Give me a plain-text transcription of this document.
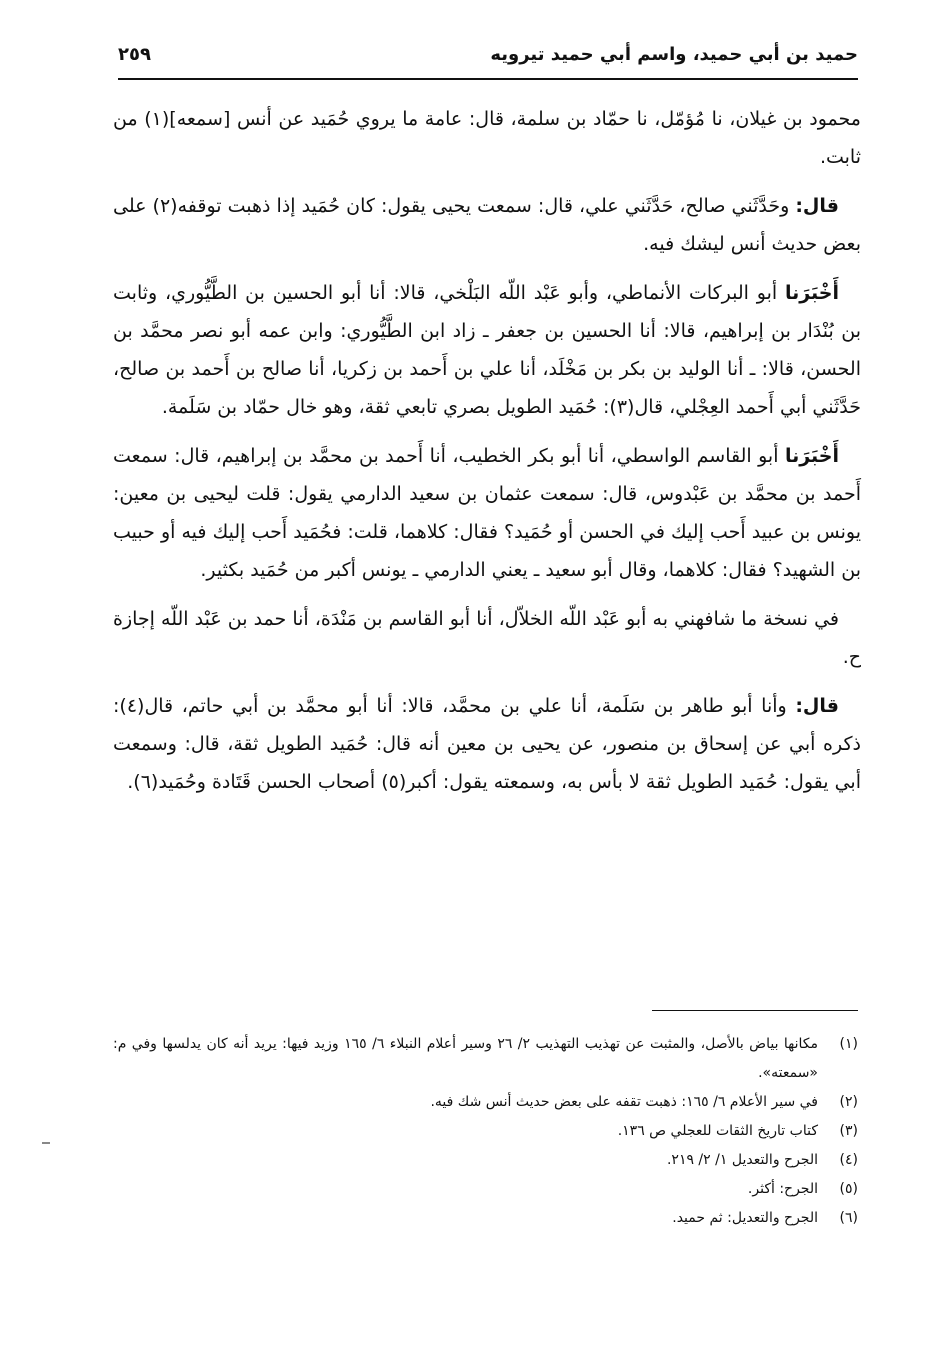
حميد بن أبي حميد، واسم أبي حميد تيرويه
٢٥٩

محمود بن غيلان، نا مُؤمّل، نا حمّاد بن سلمة، قال: عامة ما يروي حُمَيد عن أنس [سمعه](١) من ثابت.

قال: وحَدَّثَني صالح، حَدَّثَني علي، قال: سمعت يحيى يقول: كان حُمَيد إذا ذهبت توقفه(٢) على بعض حديث أنس ليشك فيه.

أَخْبَرَنا أبو البركات الأنماطي، وأبو عَبْد اللّه البَلْخي، قالا: أنا أبو الحسين بن الطَّيُّوري، وثابت بن بُنْدَار بن إبراهيم، قالا: أنا الحسين بن جعفر ـ زاد ابن الطَّيُّوري: وابن عمه أبو نصر محمَّد بن الحسن، قالا: ـ أنا الوليد بن بكر بن مَخْلَد، أنا علي بن أَحمد بن زكريا، أنا صالح بن أَحمد بن صالح، حَدَّثَني أبي أَحمد العِجْلي، قال(٣): حُمَيد الطويل بصري تابعي ثقة، وهو خال حمّاد بن سَلَمة.

أَخْبَرَنا أبو القاسم الواسطي، أنا أبو بكر الخطيب، أنا أَحمد بن محمَّد بن إبراهيم، قال: سمعت أَحمد بن محمَّد بن عَبْدوس، قال: سمعت عثمان بن سعيد الدارمي يقول: قلت ليحيى بن معين: يونس بن عبيد أَحب إليك في الحسن أو حُمَيد؟ فقال: كلاهما، قلت: فحُمَيد أَحب إليك فيه أو حبيب بن الشهيد؟ فقال: كلاهما، وقال أبو سعيد ـ يعني الدارمي ـ يونس أكبر من حُمَيد بكثير.

في نسخة ما شافهني به أبو عَبْد اللّه الخلاّل، أنا أبو القاسم بن مَنْدَة، أنا حمد بن عَبْد اللّه إجازة ح.

قال: وأنا أبو طاهر بن سَلَمة، أنا علي بن محمَّد، قالا: أنا أبو محمَّد بن أبي حاتم، قال(٤): ذكره أبي عن إسحاق بن منصور، عن يحيى بن معين أنه قال: حُمَيد الطويل ثقة، قال: وسمعت أبي يقول: حُمَيد الطويل ثقة لا بأس به، وسمعته يقول: أكبر(٥) أصحاب الحسن قَتَادة وحُمَيد(٦).

(١)
مكانها بياض بالأصل، والمثبت عن تهذيب التهذيب ٢/ ٢٦ وسير أعلام النبلاء ٦/ ١٦٥ وزيد فيها: يريد أنه كان يدلسها وفي م: «سمعته».
(٢)
في سير الأعلام ٦/ ١٦٥: ذهبت تقفه على بعض حديث أنس شك فيه.
(٣)
كتاب تاريخ الثقات للعجلي ص ١٣٦.
(٤)
الجرح والتعديل ١/ ٢/ ٢١٩.
(٥)
الجرح: أكثر.
(٦)
الجرح والتعديل: ثم حميد.
